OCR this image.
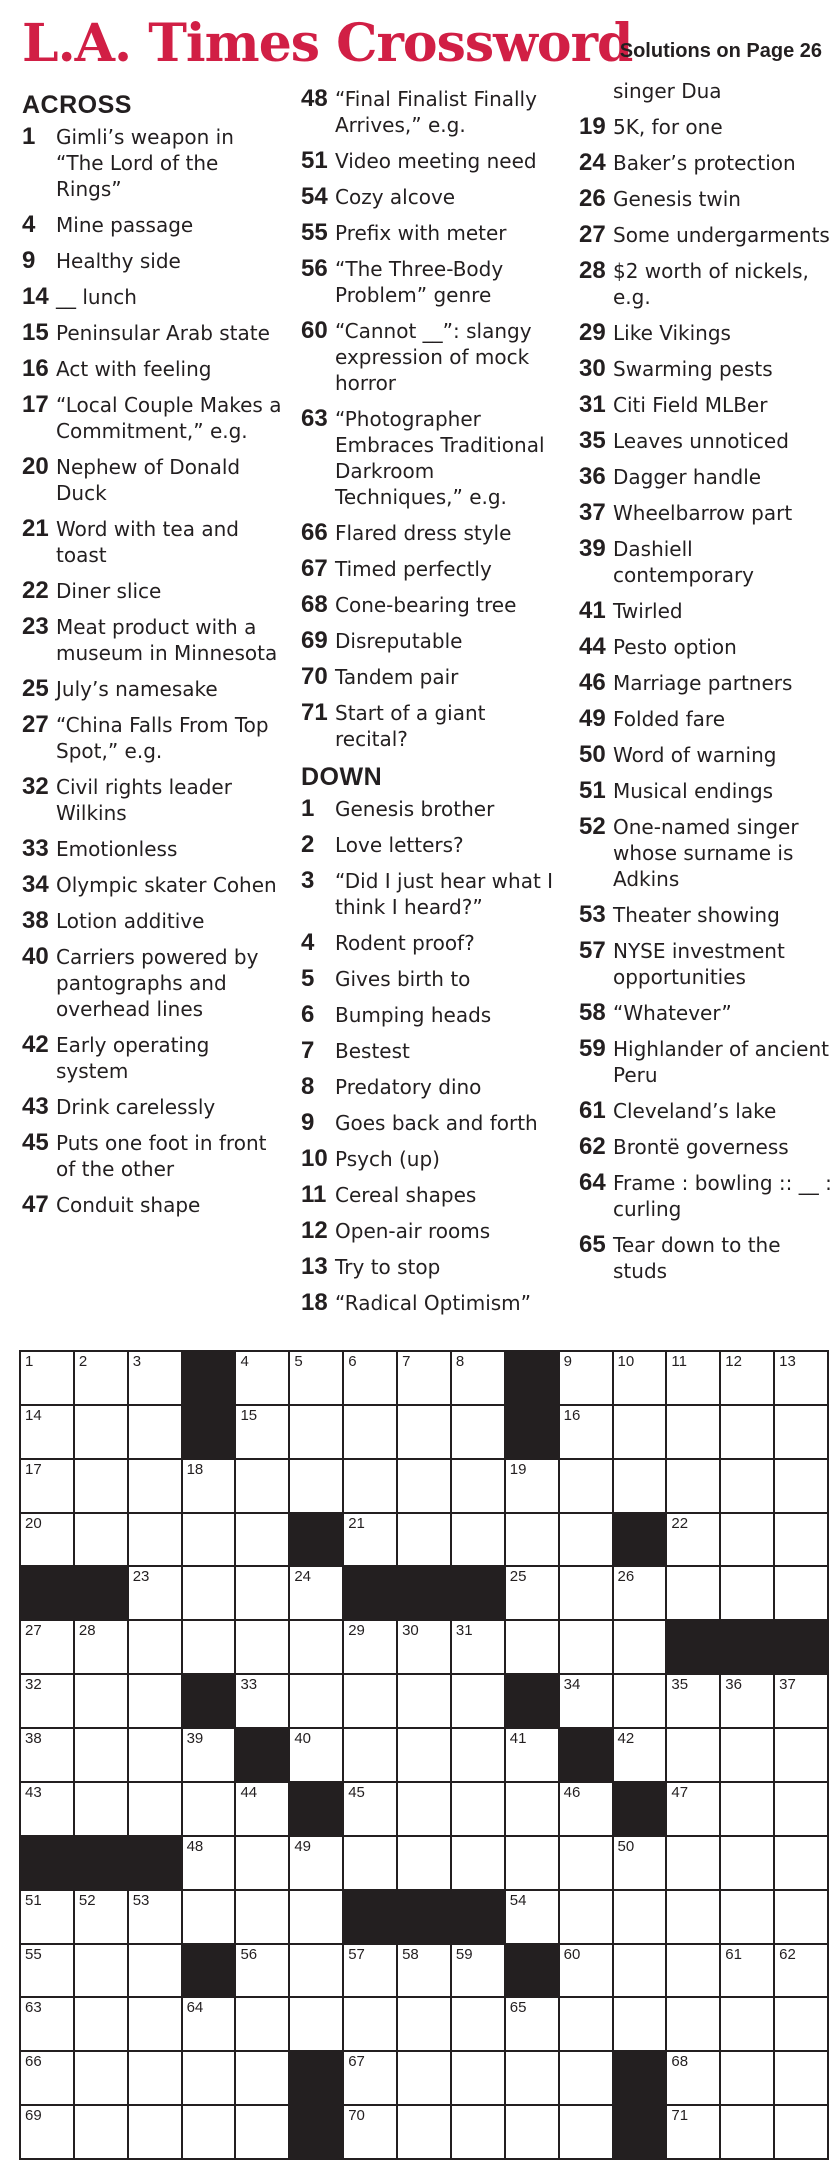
L.A. Times Crossword
Solutions on Page 26
ACROSS
1 Gimli’s weapon in “The Lord of the Rings”
4 Mine passage
9 Healthy side
14 __ lunch
15 Peninsular Arab state
16 Act with feeling
17 “Local Couple Makes a Commitment,” e.g.
20 Nephew of Donald Duck
21 Word with tea and toast
22 Diner slice
23 Meat product with a museum in Minnesota
25 July’s namesake
27 “China Falls From Top Spot,” e.g.
32 Civil rights leader Wilkins
33 Emotionless
34 Olympic skater Cohen
38 Lotion additive
40 Carriers powered by pantographs and overhead lines
42 Early operating system
43 Drink carelessly
45 Puts one foot in front of the other
47 Conduit shape
48 “Final Finalist Finally Arrives,” e.g.
51 Video meeting need
54 Cozy alcove
55 Prefix with meter
56 “The Three-Body Problem” genre
60 “Cannot __”: slangy expression of mock horror
63 “Photographer Embraces Traditional Darkroom Techniques,” e.g.
66 Flared dress style
67 Timed perfectly
68 Cone-bearing tree
69 Disreputable
70 Tandem pair
71 Start of a giant recital?
DOWN
1 Genesis brother
2 Love letters?
3 “Did I just hear what I think I heard?”
4 Rodent proof?
5 Gives birth to
6 Bumping heads
7 Bestest
8 Predatory dino
9 Goes back and forth
10 Psych (up)
11 Cereal shapes
12 Open-air rooms
13 Try to stop
18 “Radical Optimism”
singer Dua
19 5K, for one
24 Baker’s protection
26 Genesis twin
27 Some undergarments
28 $2 worth of nickels, e.g.
29 Like Vikings
30 Swarming pests
31 Citi Field MLBer
35 Leaves unnoticed
36 Dagger handle
37 Wheelbarrow part
39 Dashiell contemporary
41 Twirled
44 Pesto option
46 Marriage partners
49 Folded fare
50 Word of warning
51 Musical endings
52 One-named singer whose surname is Adkins
53 Theater showing
57 NYSE investment opportunities
58 “Whatever”
59 Highlander of ancient Peru
61 Cleveland’s lake
62 Brontë governess
64 Frame : bowling :: __ : curling
65 Tear down to the studs
1	2	3	4	5	6	7	8	9	10 11	12 13
14	15	16
17	18	19
20	21	22
23	24	25	26
27 28	29 30 31
32	33	34	35 36 37
38	39	40	41	42
43	44	45	46	47
48	49	50
51 52 53	54
55	56	57 58 59	60	61 62
63	64	65
66	67	68
69	70	71
